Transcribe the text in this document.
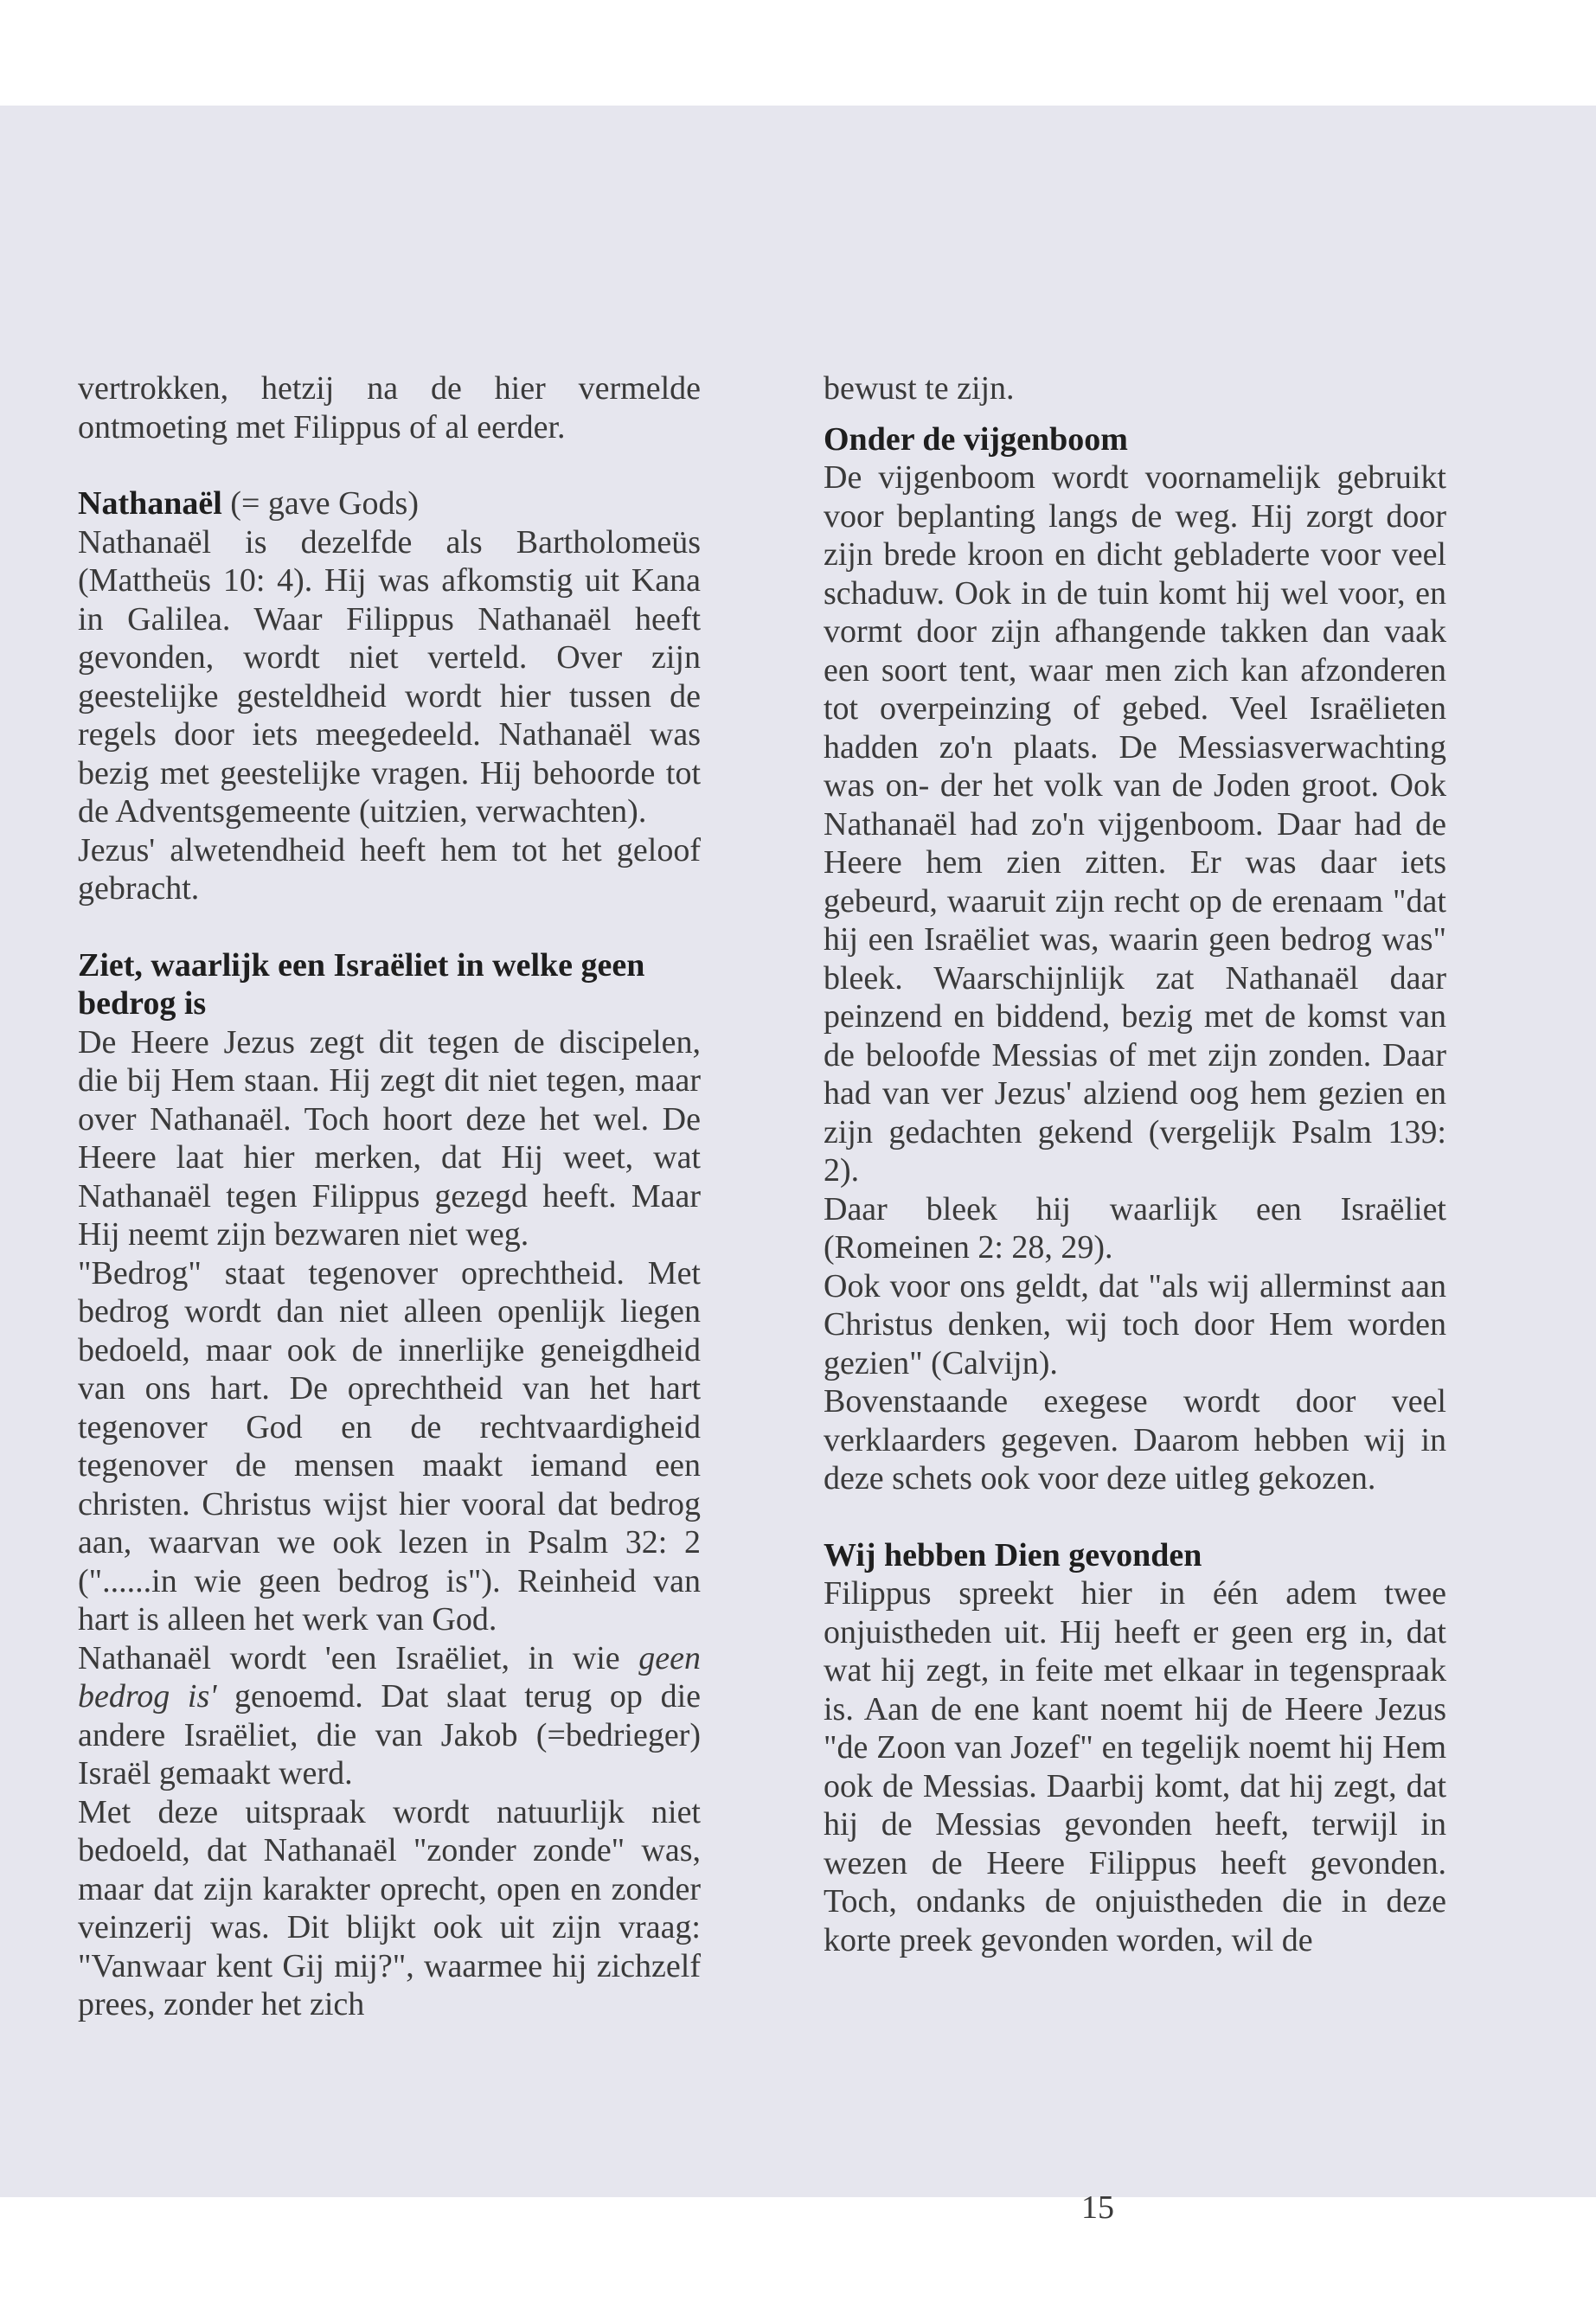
vertrokken, hetzij na de hier vermelde ontmoeting met Filippus of al eerder.

Nathanaël (= gave Gods)

Nathanaël is dezelfde als Bartholomeüs (Mattheüs 10: 4). Hij was afkomstig uit Kana in Galilea. Waar Filippus Nathanaël heeft gevonden, wordt niet verteld. Over zijn geestelijke gesteldheid wordt hier tussen de regels door iets meegedeeld. Nathanaël was bezig met geestelijke vragen. Hij behoorde tot de Adventsgemeente (uitzien, verwachten).

Jezus' alwetendheid heeft hem tot het geloof gebracht.

Ziet, waarlijk een Israëliet in welke geen bedrog is

De Heere Jezus zegt dit tegen de discipelen, die bij Hem staan. Hij zegt dit niet tegen, maar over Nathanaël. Toch hoort deze het wel. De Heere laat hier merken, dat Hij weet, wat Nathanaël tegen Filippus gezegd heeft. Maar Hij neemt zijn bezwaren niet weg.

"Bedrog" staat tegenover oprechtheid. Met bedrog wordt dan niet alleen openlijk liegen bedoeld, maar ook de innerlijke geneigdheid van ons hart. De oprechtheid van het hart tegenover God en de rechtvaardigheid tegenover de mensen maakt iemand een christen. Christus wijst hier vooral dat bedrog aan, waarvan we ook lezen in Psalm 32: 2 ("......in wie geen bedrog is"). Reinheid van hart is alleen het werk van God.

Nathanaël wordt 'een Israëliet, in wie geen bedrog is' genoemd. Dat slaat terug op die andere Israëliet, die van Jakob (=bedrieger) Israël gemaakt werd.

Met deze uitspraak wordt natuurlijk niet bedoeld, dat Nathanaël "zonder zonde" was, maar dat zijn karakter oprecht, open en zonder veinzerij was. Dit blijkt ook uit zijn vraag: "Vanwaar kent Gij mij?", waarmee hij zichzelf prees, zonder het zich

bewust te zijn.

Onder de vijgenboom

De vijgenboom wordt voornamelijk gebruikt voor beplanting langs de weg. Hij zorgt door zijn brede kroon en dicht gebladerte voor veel schaduw. Ook in de tuin komt hij wel voor, en vormt door zijn afhangende takken dan vaak een soort tent, waar men zich kan afzonderen tot overpeinzing of gebed. Veel Israëlieten hadden zo'n plaats. De Messiasverwachting was on- der het volk van de Joden groot. Ook Nathanaël had zo'n vijgenboom. Daar had de Heere hem zien zitten. Er was daar iets gebeurd, waaruit zijn recht op de erenaam "dat hij een Israëliet was, waarin geen bedrog was" bleek. Waarschijnlijk zat Nathanaël daar peinzend en biddend, bezig met de komst van de beloofde Messias of met zijn zonden. Daar had van ver Jezus' alziend oog hem gezien en zijn gedachten gekend (vergelijk Psalm 139: 2).

Daar bleek hij waarlijk een Israëliet (Romeinen 2: 28, 29).

Ook voor ons geldt, dat "als wij allerminst aan Christus denken, wij toch door Hem worden gezien" (Calvijn).

Bovenstaande exegese wordt door veel verklaarders gegeven. Daarom hebben wij in deze schets ook voor deze uitleg gekozen.

Wij hebben Dien gevonden

Filippus spreekt hier in één adem twee onjuistheden uit. Hij heeft er geen erg in, dat wat hij zegt, in feite met elkaar in tegenspraak is. Aan de ene kant noemt hij de Heere Jezus "de Zoon van Jozef" en tegelijk noemt hij Hem ook de Messias. Daarbij komt, dat hij zegt, dat hij de Messias gevonden heeft, terwijl in wezen de Heere Filippus heeft gevonden. Toch, ondanks de onjuistheden die in deze korte preek gevonden worden, wil de

15
